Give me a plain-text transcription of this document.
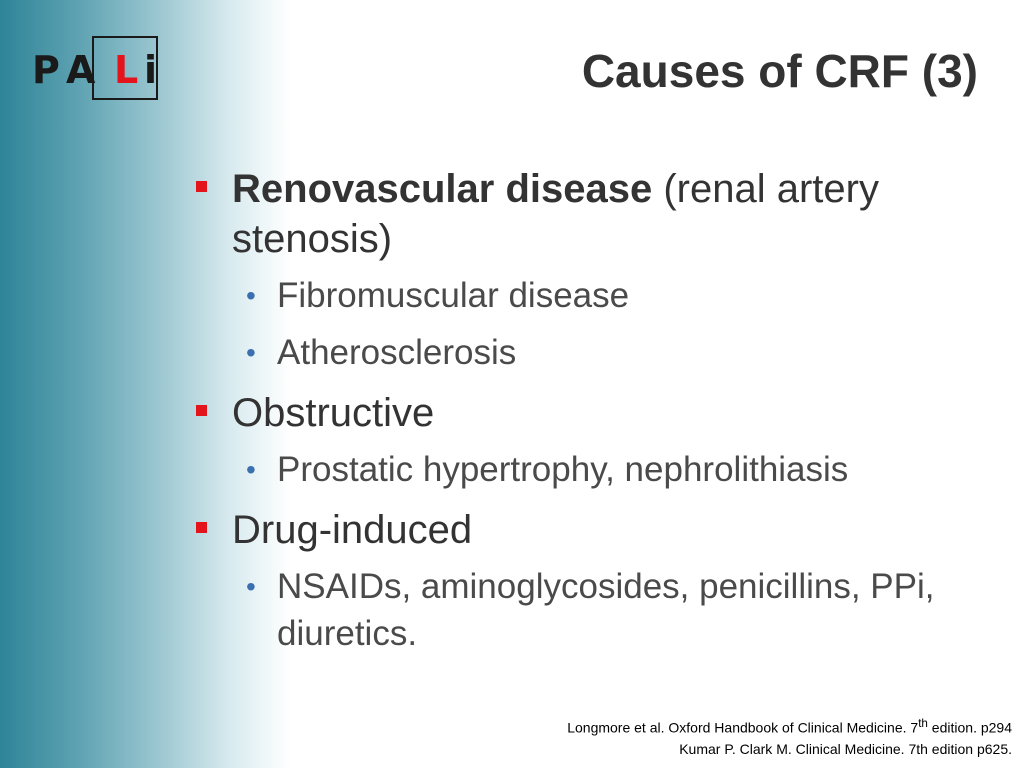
P A L i	Causes of CRF (3)
Renovascular disease (renal artery stenosis)
• Fibromuscular disease
• Atherosclerosis
Obstructive
• Prostatic hypertrophy, nephrolithiasis
Drug-induced
• NSAIDs, aminoglycosides, penicillins, PPi, diuretics.
Longmore et al. Oxford Handbook of Clinical Medicine. 7th edition. p294
Kumar P. Clark M. Clinical Medicine. 7th edition p625.
